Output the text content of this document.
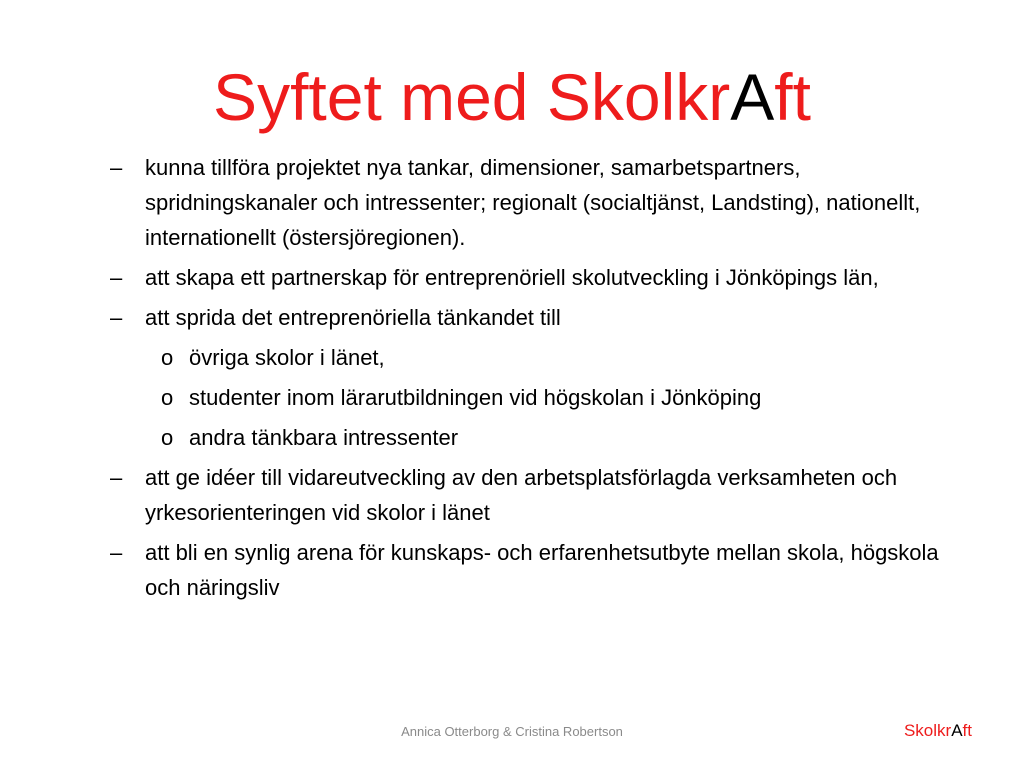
Syftet med SkolkrAft
– kunna tillföra projektet nya tankar, dimensioner, samarbetspartners, spridningskanaler och intressenter; regionalt (socialtjänst, Landsting), nationellt, internationellt (östersjöregionen).
– att skapa ett partnerskap för entreprenöriell skolutveckling i Jönköpings län,
– att sprida det entreprenöriella tänkandet till
o övriga skolor i länet,
o studenter inom lärarutbildningen vid högskolan i Jönköping
o andra tänkbara intressenter
– att ge idéer till vidareutveckling av den arbetsplatsförlagda verksamheten och yrkesorienteringen vid skolor i länet
– att bli en synlig arena för kunskaps- och erfarenhetsutbyte mellan skola, högskola och näringsliv
Annica Otterborg & Cristina Robertson	SkolkrAft
